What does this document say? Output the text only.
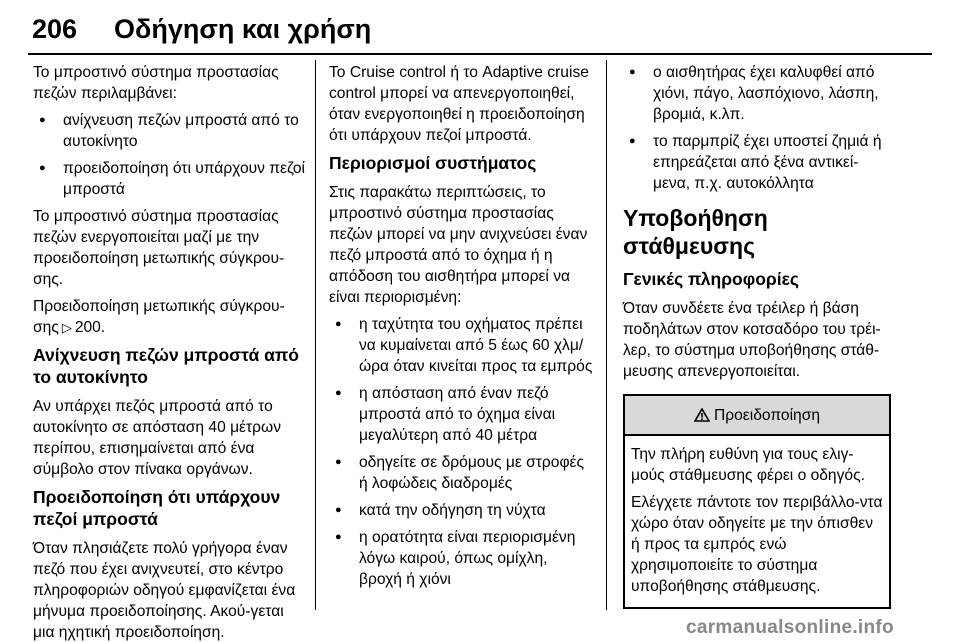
206 Οδήγηση και χρήση

Το μπροστινό σύστημα προστασίας πεζών περιλαμβάνει:

● ανίχνευση πεζών μπροστά από το αυτοκίνητο
● προειδοποίηση ότι υπάρχουν πεζοί μπροστά

Το μπροστινό σύστημα προστασίας πεζών ενεργοποιείται μαζί με την προειδοποίηση μετωπικής σύγκρου-σης.

Προειδοποίηση μετωπικής σύγκρου-σης ▷ 200.

Ανίχνευση πεζών μπροστά από το αυτοκίνητο

Αν υπάρχει πεζός μπροστά από το αυτοκίνητο σε απόσταση 40 μέτρων περίπου, επισημαίνεται από ένα σύμβολο στον πίνακα οργάνων.

Προειδοποίηση ότι υπάρχουν πεζοί μπροστά

Όταν πλησιάζετε πολύ γρήγορα έναν πεζό που έχει ανιχνευτεί, στο κέντρο πληροφοριών οδηγού εμφανίζεται ένα μήνυμα προειδοποίησης. Ακού-γεται μια ηχητική προειδοποίηση.

Το Cruise control ή το Adaptive cruise control μπορεί να απενεργοποιηθεί, όταν ενεργοποιηθεί η προειδοποίηση ότι υπάρχουν πεζοί μπροστά.

Περιορισμοί συστήματος

Στις παρακάτω περιπτώσεις, το μπροστινό σύστημα προστασίας πεζών μπορεί να μην ανιχνεύσει έναν πεζό μπροστά από το όχημα ή η απόδοση του αισθητήρα μπορεί να είναι περιορισμένη:

● η ταχύτητα του οχήματος πρέπει να κυμαίνεται από 5 έως 60 χλμ/ώρα όταν κινείται προς τα εμπρός
● η απόσταση από έναν πεζό μπροστά από το όχημα είναι μεγαλύτερη από 40 μέτρα
● οδηγείτε σε δρόμους με στροφές ή λοφώδεις διαδρομές
● κατά την οδήγηση τη νύχτα
● η ορατότητα είναι περιορισμένη λόγω καιρού, όπως ομίχλη, βροχή ή χιόνι
● ο αισθητήρας έχει καλυφθεί από χιόνι, πάγο, λασπόχιονο, λάσπη, βρομιά, κ.λπ.
● το παρμπρίζ έχει υποστεί ζημιά ή επηρεάζεται από ξένα αντικεί-μενα, π.χ. αυτοκόλλητα
Υποβοήθηση στάθμευσης
Γενικές πληροφορίες

Όταν συνδέετε ένα τρέιλερ ή βάση ποδηλάτων στον κοτσαδόρο του τρέι-λερ, το σύστημα υποβοήθησης στάθ-μευσης απενεργοποιείται.

Προειδοποίηση

Την πλήρη ευθύνη για τους ελιγ-μούς στάθμευσης φέρει ο οδηγός.

Ελέγχετε πάντοτε τον περιβάλλο-ντα χώρο όταν οδηγείτε με την όπισθεν ή προς τα εμπρός ενώ χρησιμοποιείτε το σύστημα υποβοήθησης στάθμευσης.

carmanualsonline.info
